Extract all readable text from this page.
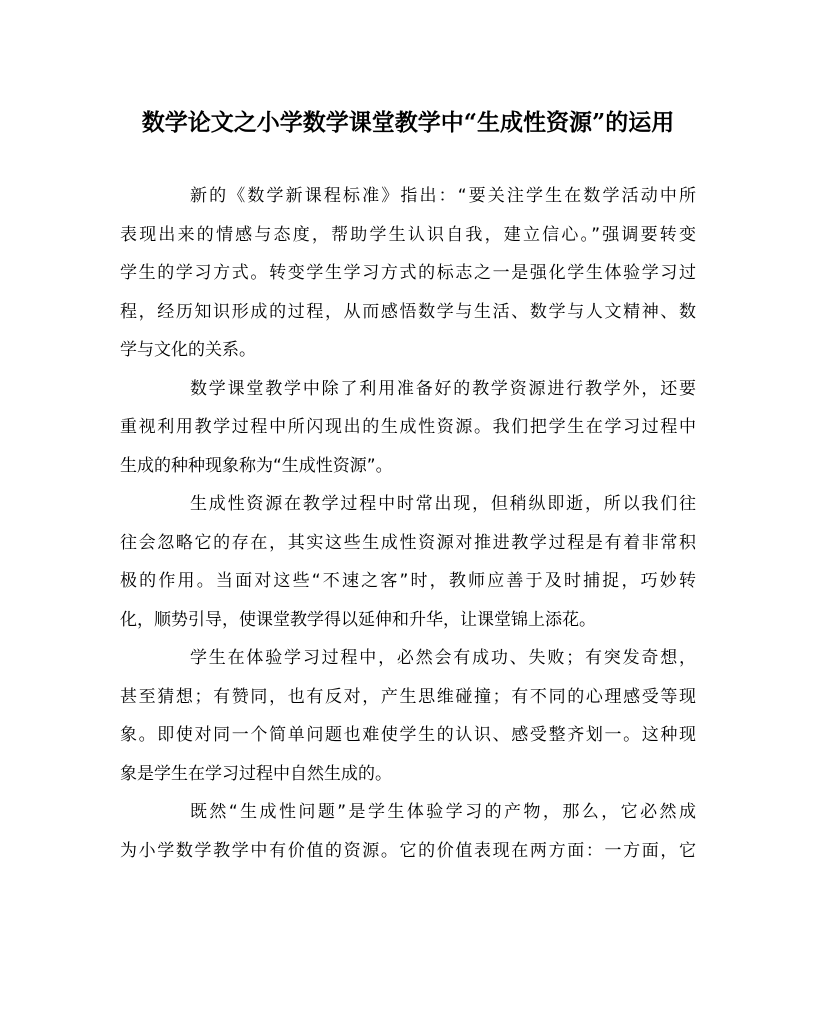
数学论文之小学数学课堂教学中“生成性资源”的运用
新的《数学新课程标准》指出：“要关注学生在数学活动中所
表现出来的情感与态度，帮助学生认识自我，建立信心。”强调要转变
学生的学习方式。转变学生学习方式的标志之一是强化学生体验学习过
程，经历知识形成的过程，从而感悟数学与生活、数学与人文精神、数
学与文化的关系。
数学课堂教学中除了利用准备好的教学资源进行教学外，还要
重视利用教学过程中所闪现出的生成性资源。我们把学生在学习过程中
生成的种种现象称为“生成性资源”。
生成性资源在教学过程中时常出现，但稍纵即逝，所以我们往
往会忽略它的存在，其实这些生成性资源对推进教学过程是有着非常积
极的作用。当面对这些“不速之客”时，教师应善于及时捕捉，巧妙转
化，顺势引导，使课堂教学得以延伸和升华，让课堂锦上添花。
学生在体验学习过程中，必然会有成功、失败；有突发奇想，
甚至猜想；有赞同，也有反对，产生思维碰撞；有不同的心理感受等现
象。即使对同一个简单问题也难使学生的认识、感受整齐划一。这种现
象是学生在学习过程中自然生成的。
既然“生成性问题”是学生体验学习的产物，那么，它必然成
为小学数学教学中有价值的资源。它的价值表现在两方面：一方面，它
